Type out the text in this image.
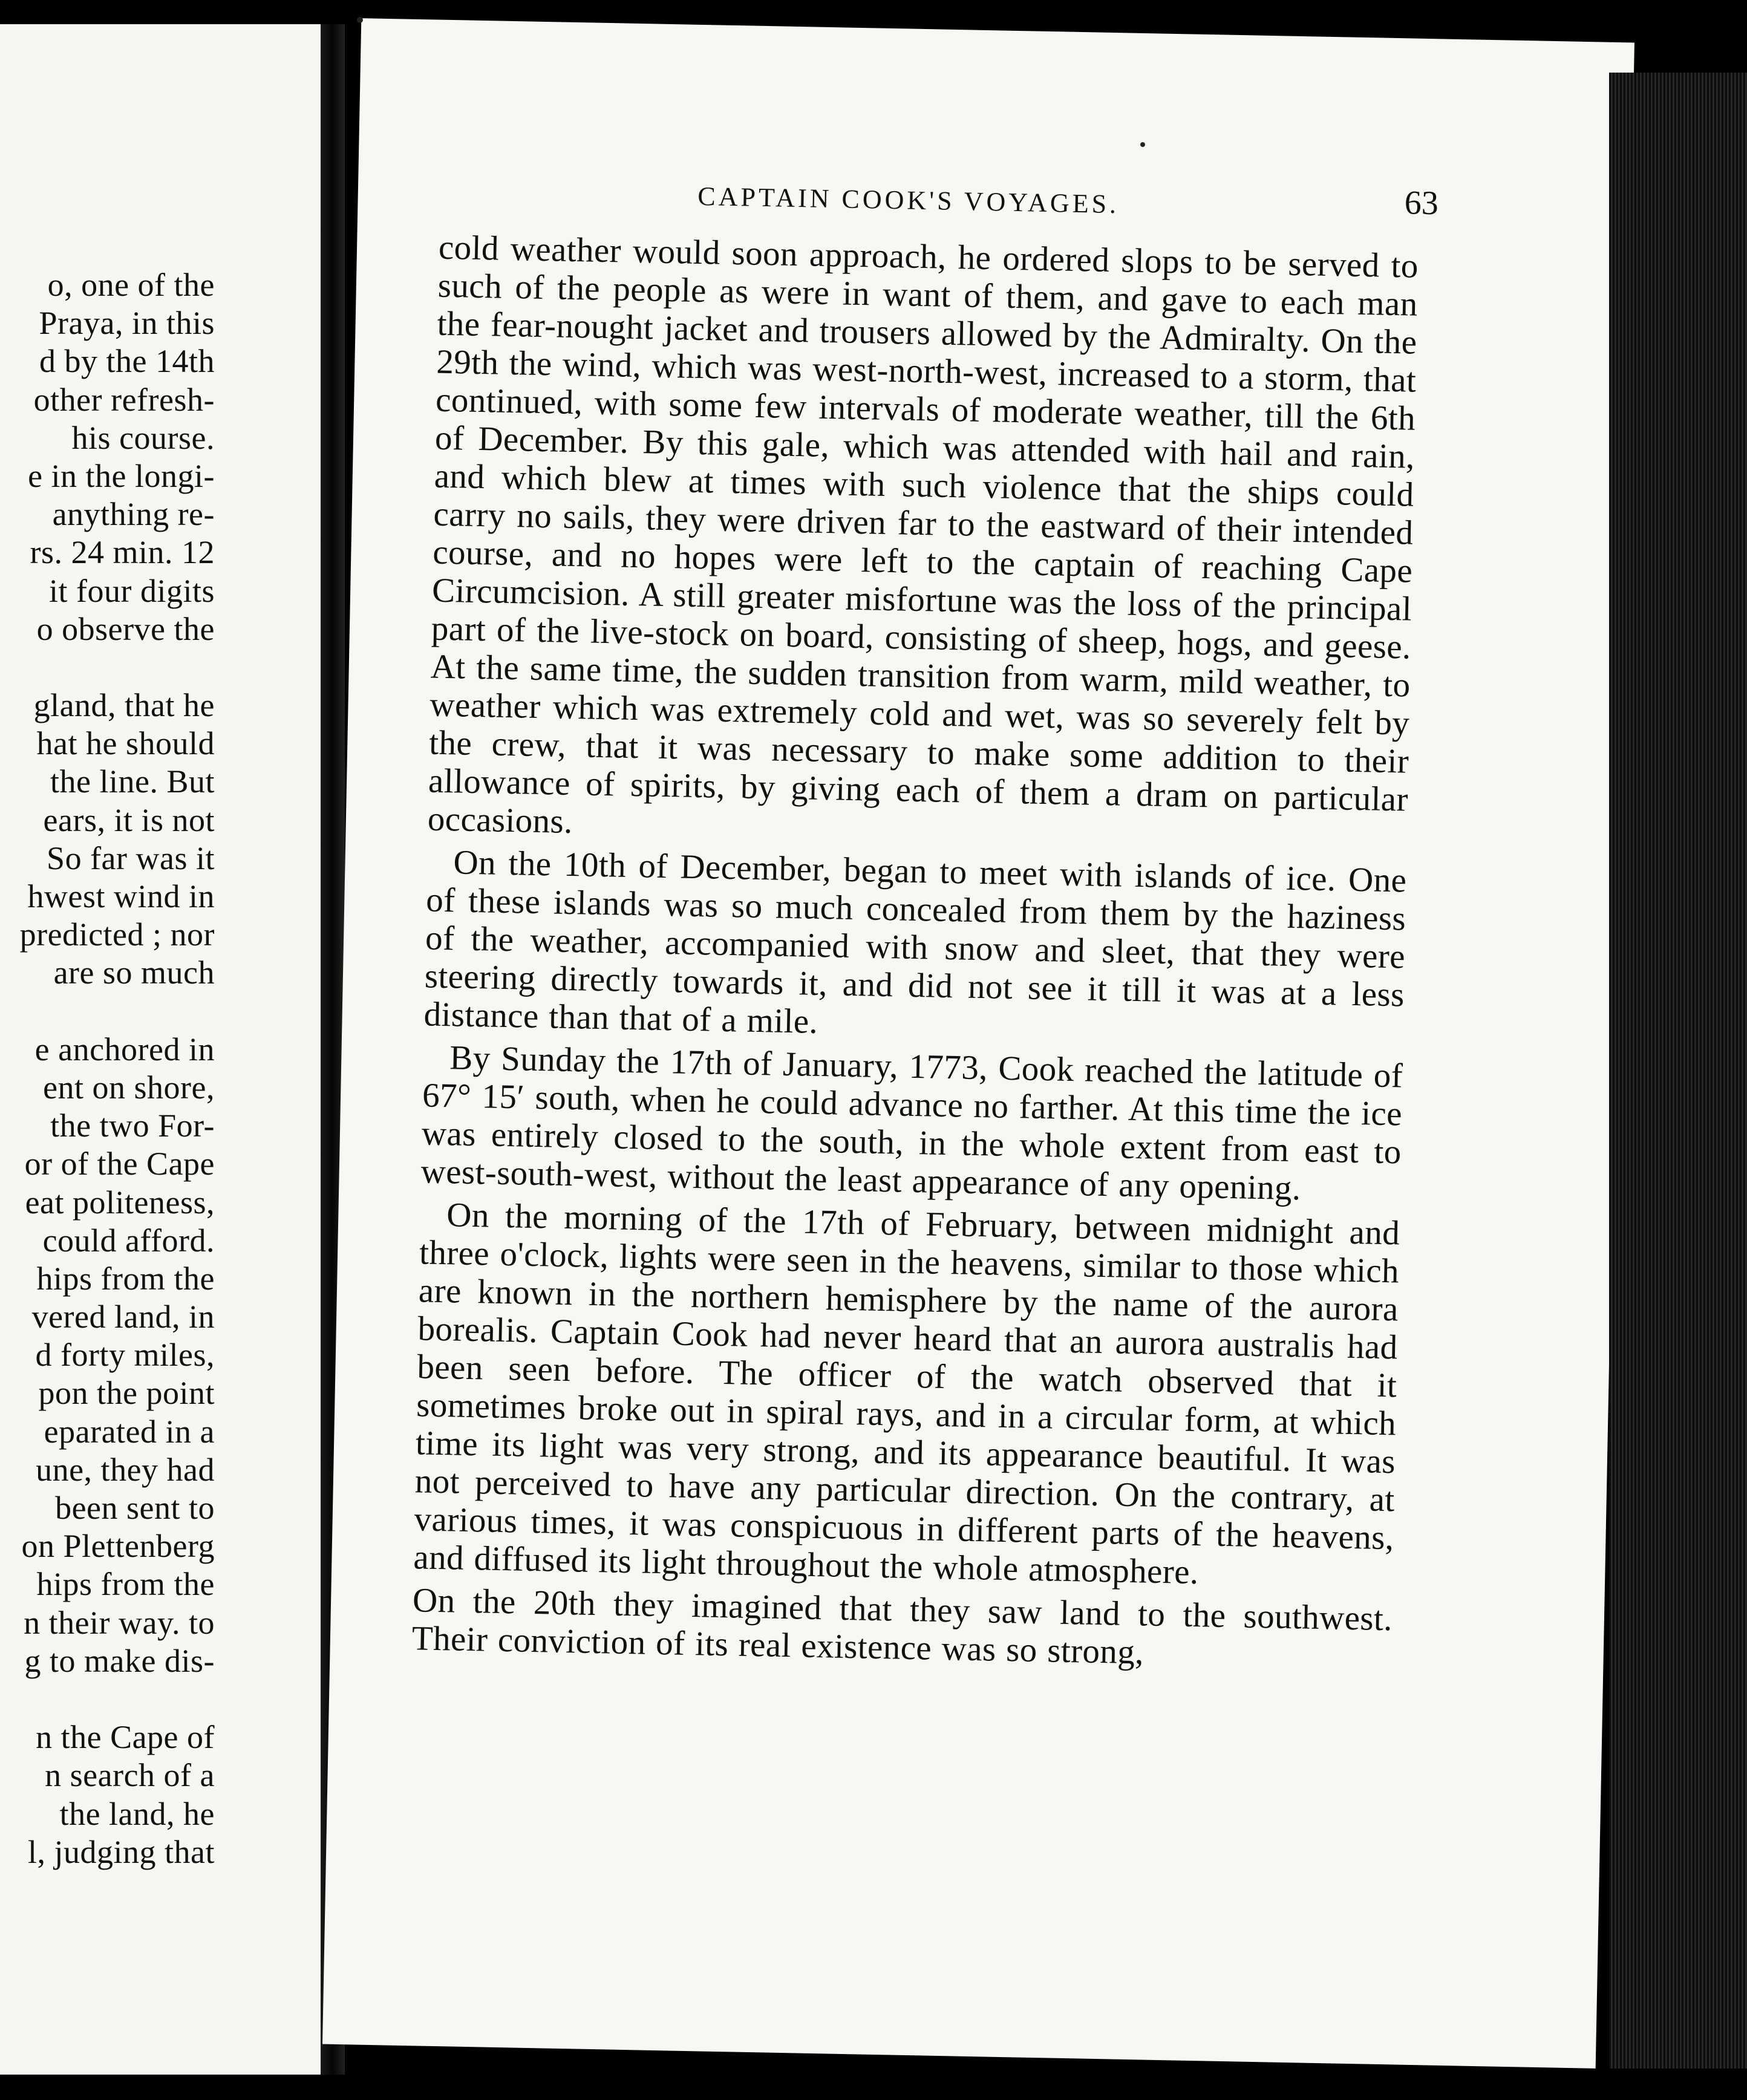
o, one of the
Praya, in this
d by the 14th
other refresh-
his course.
e in the longi-
anything re-
rs. 24 min. 12
it four digits
o observe the
gland, that he
hat he should
the line. But
ears, it is not
So far was it
hwest wind in
predicted ; nor
are so much
e anchored in
ent on shore,
the two For-
or of the Cape
eat politeness,
could afford.
hips from the
vered land, in
d forty miles,
pon the point
eparated in a
une, they had
been sent to
on Plettenberg
hips from the
n their way. to
g to make dis-
n the Cape of
n search of a
the land, he
l, judging that
CAPTAIN COOK'S VOYAGES.	63

cold weather would soon approach, he ordered slops to be served to such of the people as were in want of them, and gave to each man the fear-nought jacket and trousers allowed by the Admiralty. On the 29th the wind, which was west-north-west, increased to a storm, that continued, with some few intervals of moderate weather, till the 6th of December. By this gale, which was attended with hail and rain, and which blew at times with such violence that the ships could carry no sails, they were driven far to the eastward of their intended course, and no hopes were left to the captain of reaching Cape Circumcision. A still greater misfortune was the loss of the principal part of the live-stock on board, consisting of sheep, hogs, and geese. At the same time, the sudden transition from warm, mild weather, to weather which was extremely cold and wet, was so severely felt by the crew, that it was necessary to make some addition to their allowance of spirits, by giving each of them a dram on particular occasions.

On the 10th of December, began to meet with islands of ice. One of these islands was so much concealed from them by the haziness of the weather, accompanied with snow and sleet, that they were steering directly towards it, and did not see it till it was at a less distance than that of a mile.

By Sunday the 17th of January, 1773, Cook reached the latitude of 67° 15′ south, when he could advance no farther. At this time the ice was entirely closed to the south, in the whole extent from east to west-south-west, without the least appearance of any opening.

On the morning of the 17th of February, between midnight and three o'clock, lights were seen in the heavens, similar to those which are known in the northern hemisphere by the name of the aurora borealis. Captain Cook had never heard that an aurora australis had been seen before. The officer of the watch observed that it sometimes broke out in spiral rays, and in a circular form, at which time its light was very strong, and its appearance beautiful. It was not perceived to have any particular direction. On the contrary, at various times, it was conspicuous in different parts of the heavens, and diffused its light throughout the whole atmosphere.

On the 20th they imagined that they saw land to the southwest. Their conviction of its real existence was so strong,
